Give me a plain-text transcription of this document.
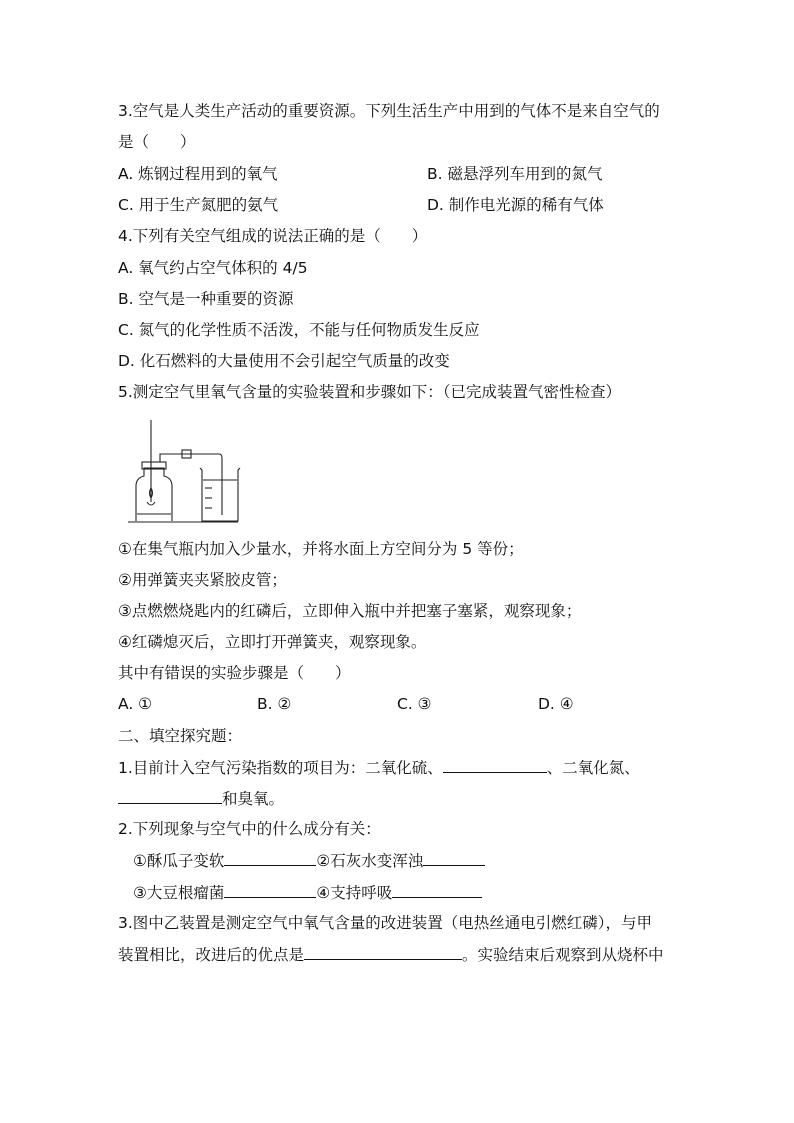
3.空气是人类生产活动的重要资源。下列生活生产中用到的气体不是来自空气的
是（　　）
A. 炼钢过程用到的氧气	B. 磁悬浮列车用到的氮气
C. 用于生产氮肥的氨气	D. 制作电光源的稀有气体
4.下列有关空气组成的说法正确的是（　　）
A. 氧气约占空气体积的 4/5
B. 空气是一种重要的资源
C. 氮气的化学性质不活泼，不能与任何物质发生反应
D. 化石燃料的大量使用不会引起空气质量的改变
5.测定空气里氧气含量的实验装置和步骤如下：（已完成装置气密性检查）
①在集气瓶内加入少量水，并将水面上方空间分为 5 等份；
②用弹簧夹夹紧胶皮管；
③点燃燃烧匙内的红磷后，立即伸入瓶中并把塞子塞紧，观察现象；
④红磷熄灭后，立即打开弹簧夹，观察现象。
其中有错误的实验步骤是（　　）
A. ①	B. ②	C. ③	D. ④
二、填空探究题：
1.目前计入空气污染指数的项目为：二氧化硫、	、二氧化氮、
和臭氧。
2.下列现象与空气中的什么成分有关：
①酥瓜子变软	②石灰水变浑浊
③大豆根瘤菌	④支持呼吸
3.图中乙装置是测定空气中氧气含量的改进装置（电热丝通电引燃红磷），与甲
装置相比，改进后的优点是	。实验结束后观察到从烧杯中
